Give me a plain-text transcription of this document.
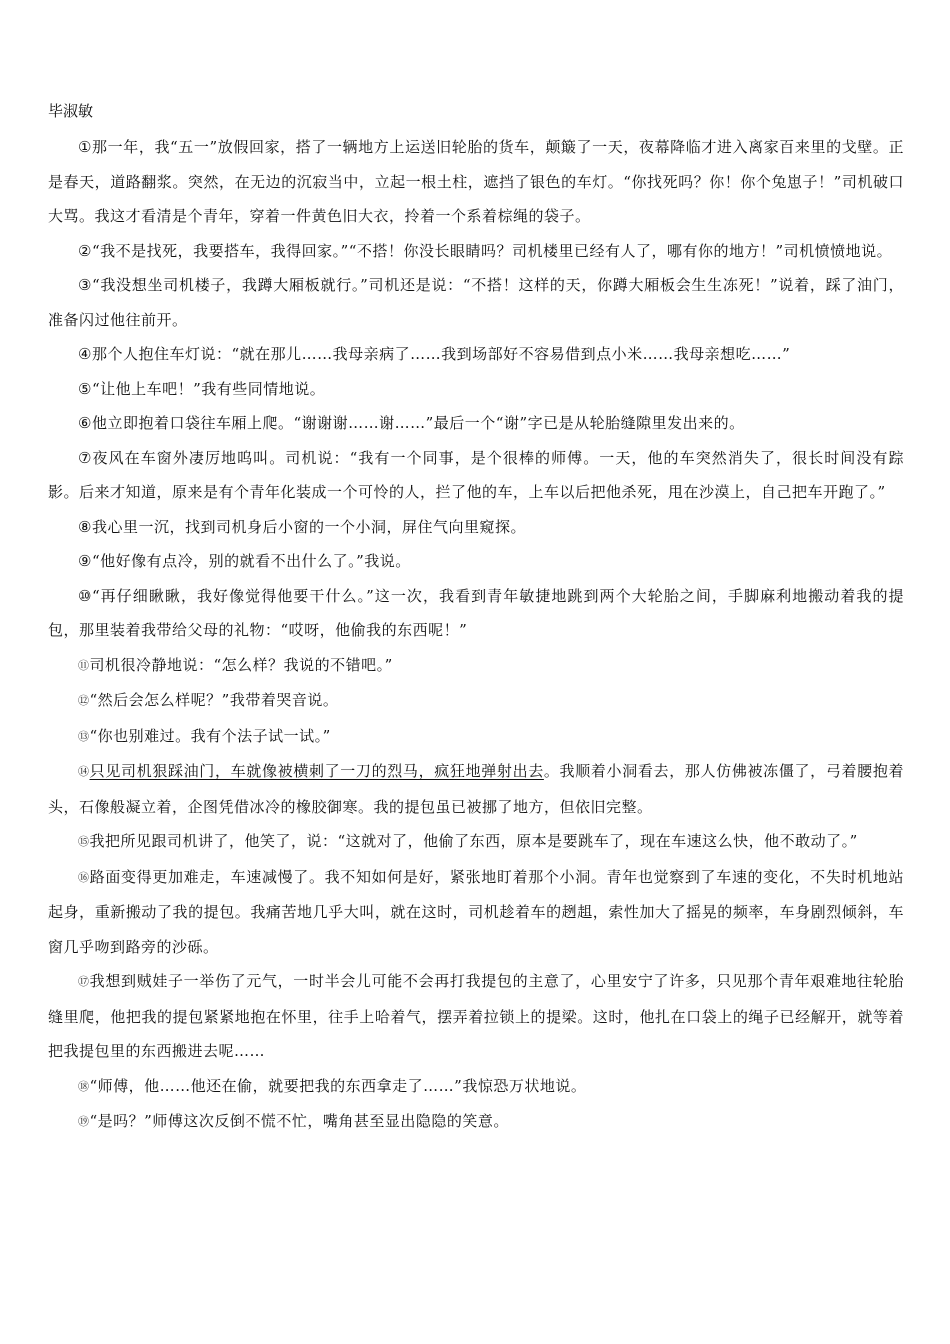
毕淑敏

①那一年，我“五一”放假回家，搭了一辆地方上运送旧轮胎的货车，颠簸了一天，夜幕降临才进入离家百来里的戈壁。正是春天，道路翻浆。突然，在无边的沉寂当中，立起一根土柱，遮挡了银色的车灯。“你找死吗？你！你个兔崽子！”司机破口大骂。我这才看清是个青年，穿着一件黄色旧大衣，拎着一个系着棕绳的袋子。

②“我不是找死，我要搭车，我得回家。”“不搭！你没长眼睛吗？司机楼里已经有人了，哪有你的地方！”司机愤愤地说。

③“我没想坐司机楼子，我蹲大厢板就行。”司机还是说：“不搭！这样的天，你蹲大厢板会生生冻死！”说着，踩了油门，准备闪过他往前开。

④那个人抱住车灯说：“就在那儿……我母亲病了……我到场部好不容易借到点小米……我母亲想吃……”

⑤“让他上车吧！”我有些同情地说。

⑥他立即抱着口袋往车厢上爬。“谢谢谢……谢……”最后一个“谢”字已是从轮胎缝隙里发出来的。

⑦夜风在车窗外凄厉地呜叫。司机说：“我有一个同事，是个很棒的师傅。一天，他的车突然消失了，很长时间没有踪影。后来才知道，原来是有个青年化装成一个可怜的人，拦了他的车，上车以后把他杀死，甩在沙漠上，自己把车开跑了。”

⑧我心里一沉，找到司机身后小窗的一个小洞，屏住气向里窥探。

⑨“他好像有点冷，别的就看不出什么了。”我说。

⑩“再仔细瞅瞅，我好像觉得他要干什么。”这一次，我看到青年敏捷地跳到两个大轮胎之间，手脚麻利地搬动着我的提包，那里装着我带给父母的礼物：“哎呀，他偷我的东西呢！”

⑪司机很冷静地说：“怎么样？我说的不错吧。”

⑫“然后会怎么样呢？”我带着哭音说。

⑬“你也别难过。我有个法子试一试。”

⑭只见司机狠踩油门，车就像被横刺了一刀的烈马，疯狂地弹射出去。我顺着小洞看去，那人仿佛被冻僵了，弓着腰抱着头，石像般凝立着，企图凭借冰冷的橡胶御寒。我的提包虽已被挪了地方，但依旧完整。

⑮我把所见跟司机讲了，他笑了，说：“这就对了，他偷了东西，原本是要跳车了，现在车速这么快，他不敢动了。”

⑯路面变得更加难走，车速减慢了。我不知如何是好，紧张地盯着那个小洞。青年也觉察到了车速的变化，不失时机地站起身，重新搬动了我的提包。我痛苦地几乎大叫，就在这时，司机趁着车的趔趄，索性加大了摇晃的频率，车身剧烈倾斜，车窗几乎吻到路旁的沙砾。

⑰我想到贼娃子一举伤了元气，一时半会儿可能不会再打我提包的主意了，心里安宁了许多，只见那个青年艰难地往轮胎缝里爬，他把我的提包紧紧地抱在怀里，往手上哈着气，摆弄着拉锁上的提梁。这时，他扎在口袋上的绳子已经解开，就等着把我提包里的东西搬进去呢……

⑱“师傅，他……他还在偷，就要把我的东西拿走了……”我惊恐万状地说。

⑲“是吗？”师傅这次反倒不慌不忙，嘴角甚至显出隐隐的笑意。
